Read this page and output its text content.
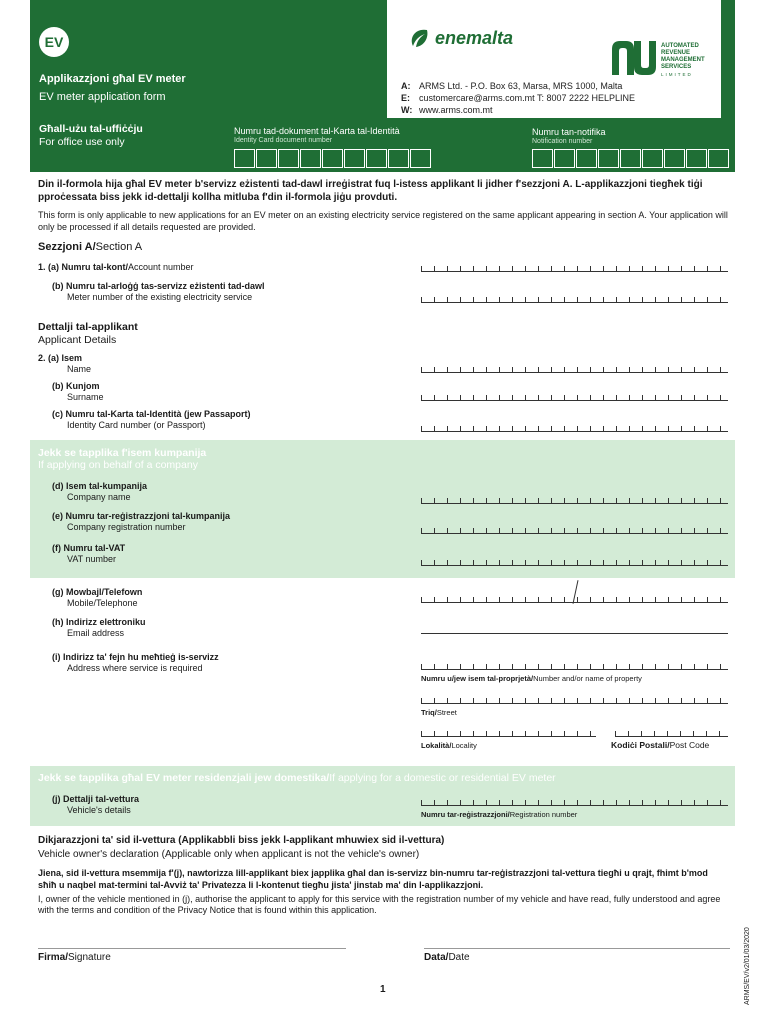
EV
Applikazzjoni għal EV meter
EV meter application form
enemalta	AUTOMATED
REVENUE
MANAGEMENT
SERVICES
LIMITED
A: ARMS Ltd. - P.O. Box 63, Marsa, MRS 1000, Malta
E: customercare@arms.com.mt T: 8007 2222 HELPLINE
W: www.arms.com.mt
Għall-użu tal-uffiċċju
For office use only
Numru tad-dokument tal-Karta tal-Identità
Identity Card document number
Numru tan-notifika
Notification number
Din il-formola hija għal EV meter b'servizz eżistenti tad-dawl irreġistrat fuq l-istess applikant li jidher f'sezzjoni A. L-applikazzjoni tiegħek tiġi pproċessata biss jekk id-dettalji kollha mitluba f'din il-formola jiġu provduti.
This form is only applicable to new applications for an EV meter on an existing electricity service registered on the same applicant appearing in section A. Your application will only be processed if all details requested are provided.
Sezzjoni A/Section A
1. (a) Numru tal-kont/Account number
(b) Numru tal-arloġġ tas-servizz eżistenti tad-dawl
Meter number of the existing electricity service
Dettalji tal-applikant
Applicant Details
2. (a) Isem
Name
(b) Kunjom
Surname
(c) Numru tal-Karta tal-Identità (jew Passaport)
Identity Card number (or Passport)
Jekk se tapplika f'isem kumpanija
If applying on behalf of a company
(d) Isem tal-kumpanija
Company name
(e) Numru tar-reġistrazzjoni tal-kumpanija
Company registration number
(f) Numru tal-VAT
VAT number
(g) Mowbajl/Telefown
Mobile/Telephone
(h) Indirizz elettroniku
Email address
(i) Indirizz ta' fejn hu meħtieġ is-servizz
Address where service is required
Numru u/jew isem tal-proprjetà/Number and/or name of property
Triq/Street
Lokalità/Locality	Kodiċi Postali/Post Code
Jekk se tapplika għal EV meter residenzjali jew domestika/If applying for a domestic or residential EV meter
(j) Dettalji tal-vettura
Vehicle's details	Numru tar-reġistrazzjoni/Registration number
Dikjarazzjoni ta' sid il-vettura (Applikabbli biss jekk l-applikant mhuwiex sid il-vettura)
Vehicle owner's declaration (Applicable only when applicant is not the vehicle's owner)
Jiena, sid il-vettura msemmija f'(j), nawtorizza lill-applikant biex japplika għal dan is-servizz bin-numru tar-reġistrazzjoni tal-vettura tiegħi u qrajt, fhimt b'mod sħiħ u naqbel mat-termini tal-Avviż ta' Privatezza li l-kontenut tiegħu jista' jinstab ma' din l-applikazzjoni.
I, owner of the vehicle mentioned in (j), authorise the applicant to apply for this service with the registration number of my vehicle and have read, fully understood and agree with the terms and condition of the Privacy Notice that is found within this application.
Firma/Signature	Data/Date
1	ARMS/EV/v2/01/03/2020
